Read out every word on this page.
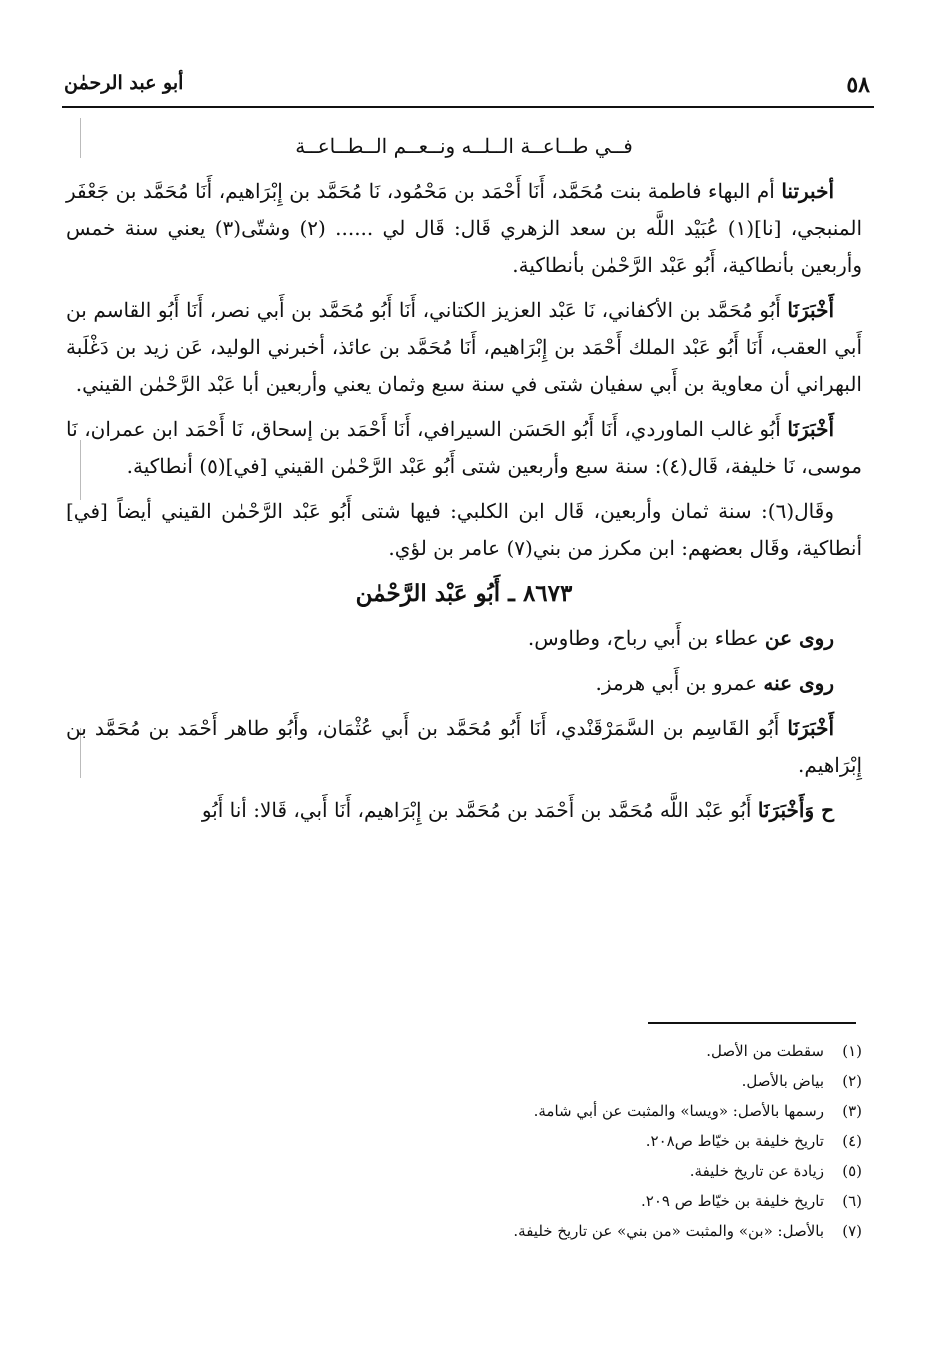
٥٨
أبو عبد الرحمٰن

فــي طــاعــة الــلــه ونــعــم الــطــاعــة

أخبرتنا أم البهاء فاطمة بنت مُحَمَّد، أَنَا أَحْمَد بن مَحْمُود، نَا مُحَمَّد بن إِبْرَاهيم، أَنَا مُحَمَّد بن جَعْفَر المنبجي، [نا](١) عُبَيْد اللَّه بن سعد الزهري قَال: قَال لي ...... (٢) وشتّى(٣) يعني سنة خمس وأربعين بأنطاكية، أَبُو عَبْد الرَّحْمٰن بأنطاكية.

أَخْبَرَنَا أَبُو مُحَمَّد بن الأكفاني، نَا عَبْد العزيز الكتاني، أَنَا أَبُو مُحَمَّد بن أَبي نصر، أَنَا أَبُو القاسم بن أَبي العقب، أَنَا أَبُو عَبْد الملك أَحْمَد بن إِبْرَاهيم، أَنَا مُحَمَّد بن عائذ، أخبرني الوليد، عَن زيد بن دَغْلَبة البهراني أن معاوية بن أَبي سفيان شتى في سنة سبع وثمان يعني وأربعين أبا عَبْد الرَّحْمٰن القيني.

أَخْبَرَنَا أَبُو غالب الماوردي، أَنَا أَبُو الحَسَن السيرافي، أَنَا أَحْمَد بن إسحاق، نَا أَحْمَد ابن عمران، نَا موسى، نَا خليفة، قَال(٤): سنة سبع وأربعين شتى أَبُو عَبْد الرَّحْمٰن القيني [في](٥) أنطاكية.

وقَال(٦): سنة ثمان وأربعين، قَال ابن الكلبي: فيها شتى أَبُو عَبْد الرَّحْمٰن القيني أيضاً [في] أنطاكية، وقَال بعضهم: ابن مكرز من بني(٧) عامر بن لؤي.

٨٦٧٣ ـ أَبُو عَبْد الرَّحْمٰن

روى عن عطاء بن أَبي رباح، وطاوس.

روى عنه عمرو بن أَبي هرمز.

أَخْبَرَنَا أَبُو القَاسِم بن السَّمَرْقَنْدي، أَنَا أَبُو مُحَمَّد بن أَبي عُثْمَان، وأَبُو طاهر أَحْمَد بن مُحَمَّد بن إِبْرَاهيم.

ح وَأَخْبَرَنَا أَبُو عَبْد اللَّه مُحَمَّد بن أَحْمَد بن مُحَمَّد بن إِبْرَاهيم، أَنَا أَبي، قَالا: أنا أَبُو

(١)سقطت من الأصل.
(٢)بياض بالأصل.
(٣)رسمها بالأصل: «ويسا» والمثبت عن أبي شامة.
(٤)تاريخ خليفة بن خيّاط ص٢٠٨.
(٥)زيادة عن تاريخ خليفة.
(٦)تاريخ خليفة بن خيّاط ص ٢٠٩.
(٧)بالأصل: «بن» والمثبت «من بني» عن تاريخ خليفة.
